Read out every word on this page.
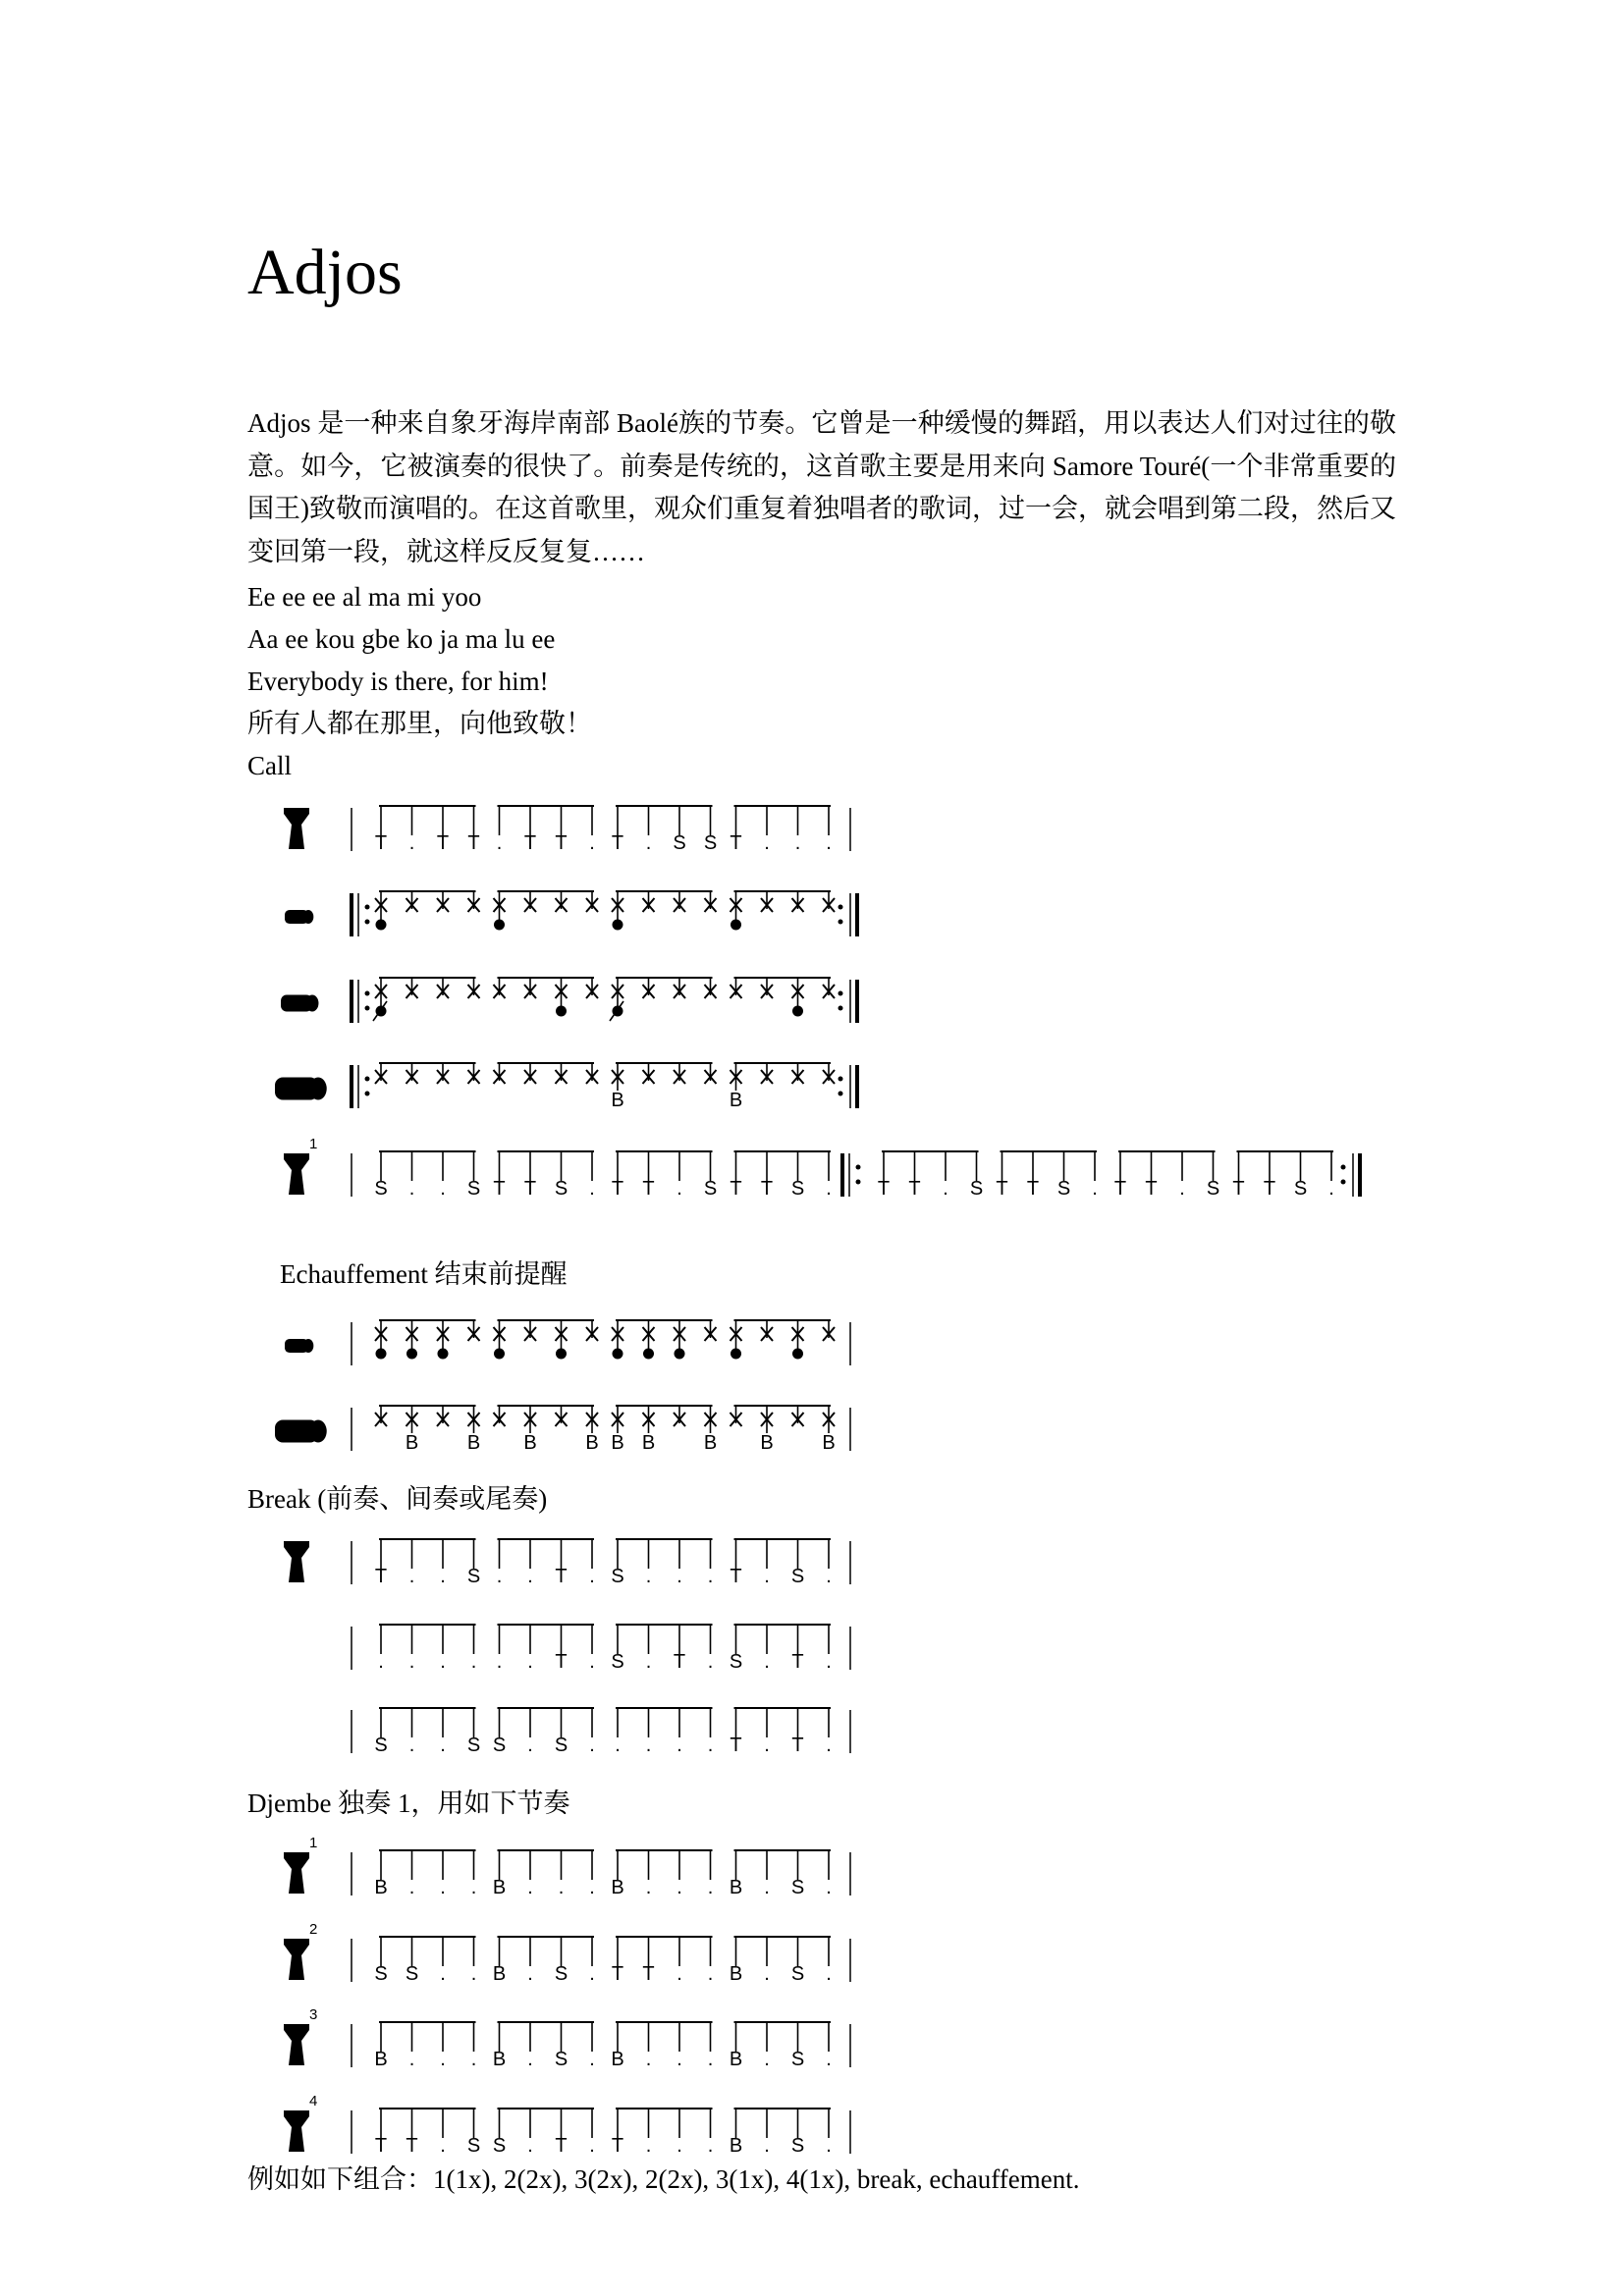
Adjos

Adjos 是一种来自象牙海岸南部 Baolé族的节奏。它曾是一种缓慢的舞蹈，用以表达人们对过往的敬意。如今，它被演奏的很快了。前奏是传统的，这首歌主要是用来向 Samore Touré(一个非常重要的国王)致敬而演唱的。在这首歌里，观众们重复着独唱者的歌词，过一会，就会唱到第二段，然后又变回第一段，就这样反反复复……

Ee ee ee al ma mi yoo
Aa ee kou gbe ko ja ma lu ee
Everybody is there, for him!
所有人都在那里，向他致敬！
Call
Echauffement 结束前提醒
Break (前奏、间奏或尾奏)
Djembe 独奏 1，用如下节奏
例如如下组合：1(1x), 2(2x), 3(2x), 2(2x), 3(1x), 4(1x), break, echauffement.
T . T T . T T . T . S S T . . .
B	B
1
S . . S T T S . T T . S T T S . T T . S T T S . T T . S T T S .
B B B B B B B B B
T . . S . . T . S . . . T . S .
. . . . . . T . S . T . S . T .
S . . S S . S . . . . . T . T .
1
B . . . B . . . B . . . B . S .
2
S S . . B . S . T T . . B . S .
3
B . . . B . S . B . . . B . S .
4
T T . S S . T . T . . . B . S .
